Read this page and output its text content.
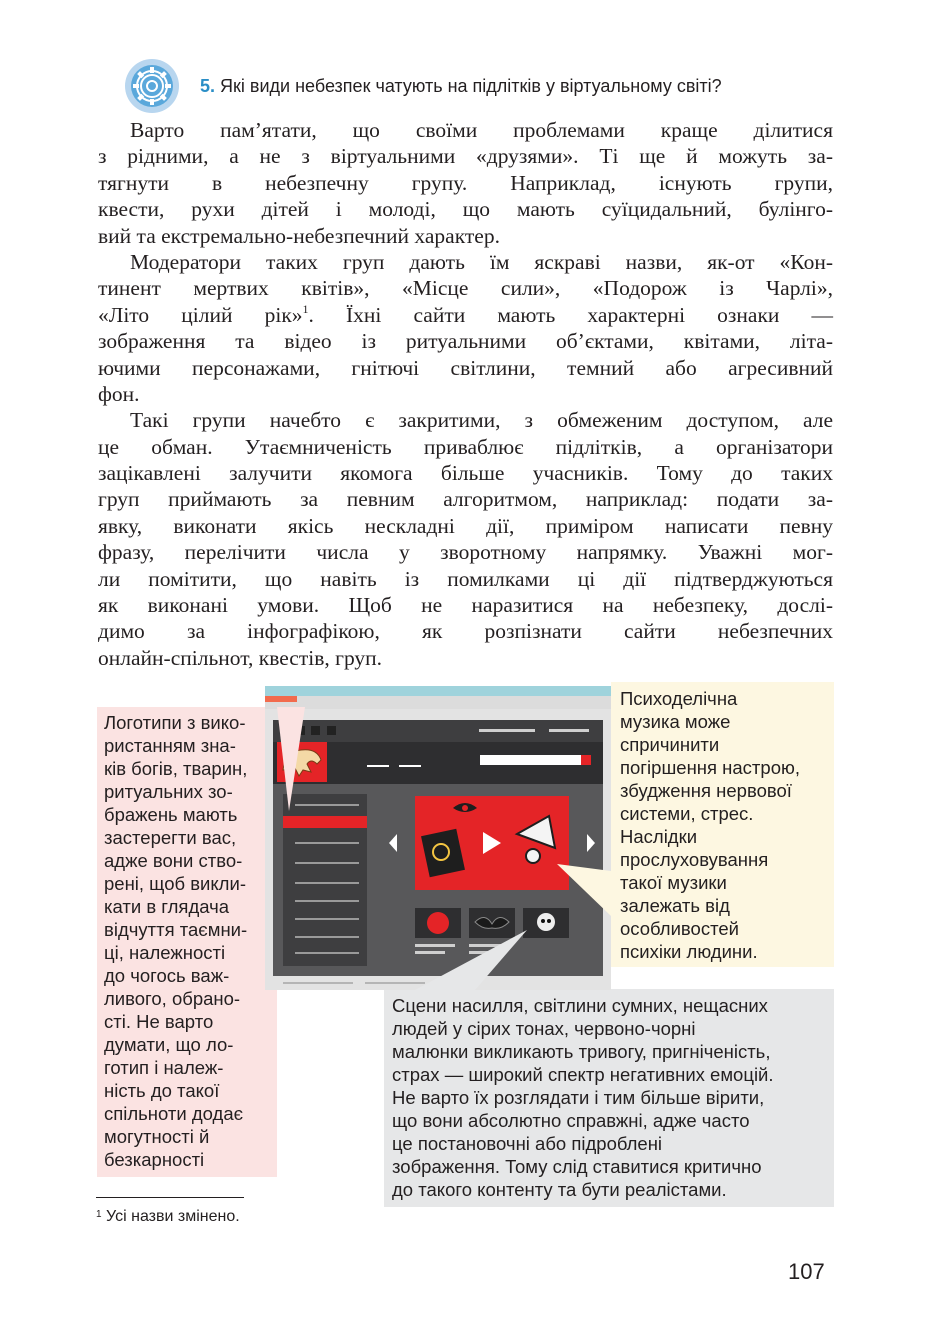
5. Які види небезпек чатують на підлітків у віртуальному світі?
Варто пам’ятати, що своїми проблемами краще ділитися
з рідними, а не з віртуальними «друзями». Ті ще й можуть за-
тягнути в небезпечну групу. Наприклад, існують групи,
квести, рухи дітей і молоді, що мають суїцидальний, булінго-
вий та екстремально-небезпечний характер.
Модератори таких груп дають їм яскраві назви, як-от «Кон-
тинент мертвих квітів», «Місце сили», «Подорож із Чарлі»,
«Літо цілий рік»$^1$. Їхні сайти мають характерні ознаки —
зображення та відео із ритуальними об’єктами, квітами, літа-
ючими персонажами, гнітючі світлини, темний або агресивний
фон.
Такі групи начебто є закритими, з обмеженим доступом, але
це обман. Утаємниченість приваблює підлітків, а організатори
зацікавлені залучити якомога більше учасників. Тому до таких
груп приймають за певним алгоритмом, наприклад: подати за-
явку, виконати якісь нескладні дії, приміром написати певну
фразу, перелічити числа у зворотному напрямку. Уважні мог-
ли помітити, що навіть із помилками ці дії підтверджуються
як виконані умови. Щоб не наразитися на небезпеку, дослі-
димо за інфографікою, як розпізнати сайти небезпечних
онлайн-спільнот, квестів, груп.
Логотипи з вико-
ристанням зна-
ків богів, тварин,
ритуальних зо-
бражень мають
застерегти вас,
адже вони ство-
рені, щоб викли-
кати в глядача
відчуття таємни-
ці, належності
до чогось важ-
ливого, обрано-
сті. Не варто
думати, що ло-
готип і належ-
ність до такої
спільноти додає
могутності й
безкарності
Психоделічна
музика може
спричинити
погіршення настрою,
збудження нервової
системи, стрес.
Наслідки
прослуховування
такої музики
залежать від
особливостей
психіки людини.
Сцени насилля, світлини сумних, нещасних
людей у сірих тонах, червоно-чорні
малюнки викликають тривогу, пригніченість,
страх — широкий спектр негативних емоцій.
Не варто їх розглядати і тим більше вірити,
що вони абсолютно справжні, адже часто
це постановочні або підроблені
зображення. Тому слід ставитися критично
до такого контенту та бути реалістами.
$^1$ Усі назви змінено.
107
